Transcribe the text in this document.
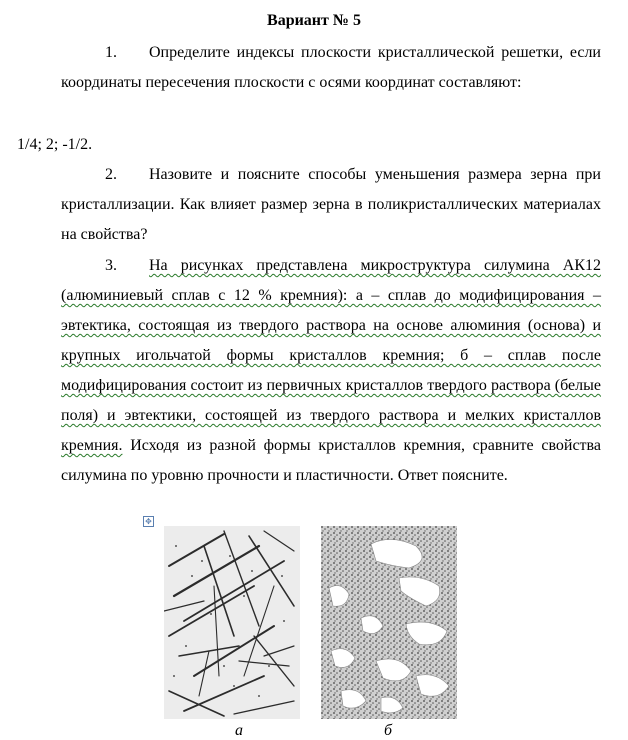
Вариант № 5

1. Определите индексы плоскости кристаллической решетки, если координаты пересечения плоскости с осями координат составляют:

1/4; 2; -1/2.

2. Назовите и поясните способы уменьшения размера зерна при кристаллизации. Как влияет размер зерна в поликристаллических материалах на свойства?

3. На рисунках представлена микроструктура силумина АК12 (алюминиевый сплав с 12 % кремния): а – сплав до модифицирования – эвтектика, состоящая из твердого раствора на основе алюминия (основа) и крупных игольчатой формы кристаллов кремния; б – сплав после модифицирования состоит из первичных кристаллов твердого раствора (белые поля) и эвтектики, состоящей из твердого раствора и мелких кристаллов кремния. Исходя из разной формы кристаллов кремния, сравните свойства силумина по уровню прочности и пластичности. Ответ поясните.

✥
а	б
